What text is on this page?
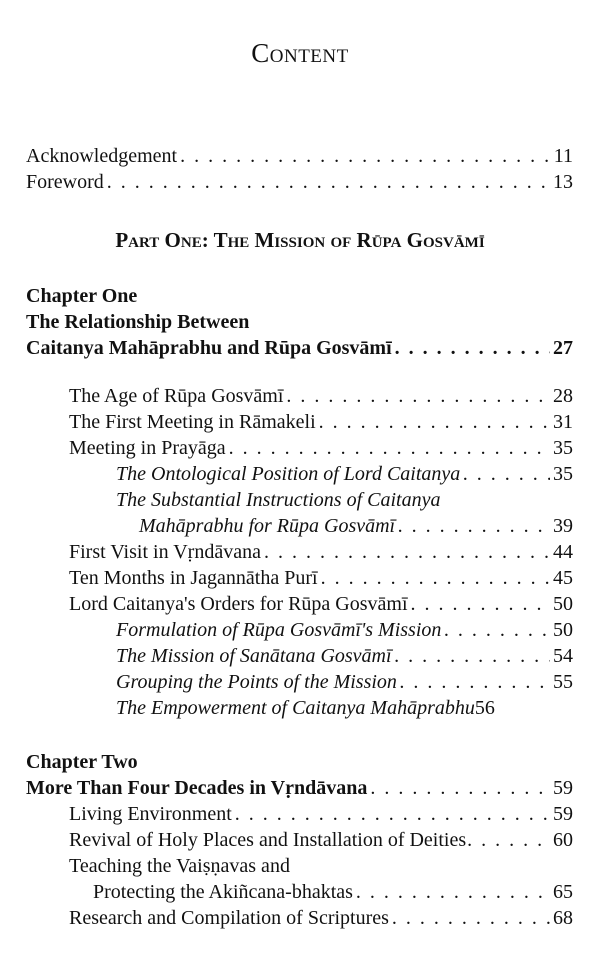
Content
Acknowledgement . . .	11
Foreword . . .	13
Part One: The Mission of Rūpa Gosvāmī
Chapter One
The Relationship Between
Caitanya Mahāprabhu and Rūpa Gosvāmī . . .	27
The Age of Rūpa Gosvāmī . . .	28
The First Meeting in Rāmakeli . . .	31
Meeting in Prayāga . . .	35
The Ontological Position of Lord Caitanya . . .	35
The Substantial Instructions of Caitanya
Mahāprabhu for Rūpa Gosvāmī . . .	39
First Visit in Vṛndāvana . . .	44
Ten Months in Jagannātha Purī . . .	45
Lord Caitanya's Orders for Rūpa Gosvāmī . . .	50
Formulation of Rūpa Gosvāmī's Mission . . .	50
The Mission of Sanātana Gosvāmī . . .	54
Grouping the Points of the Mission . . .	55
The Empowerment of Caitanya Mahāprabhu 56
Chapter Two
More Than Four Decades in Vṛndāvana . . .	59
Living Environment . . .	59
Revival of Holy Places and Installation of Deities . . .	60
Teaching the Vaiṣṇavas and
Protecting the Akiñcana-bhaktas . . .	65
Research and Compilation of Scriptures . . .	68
